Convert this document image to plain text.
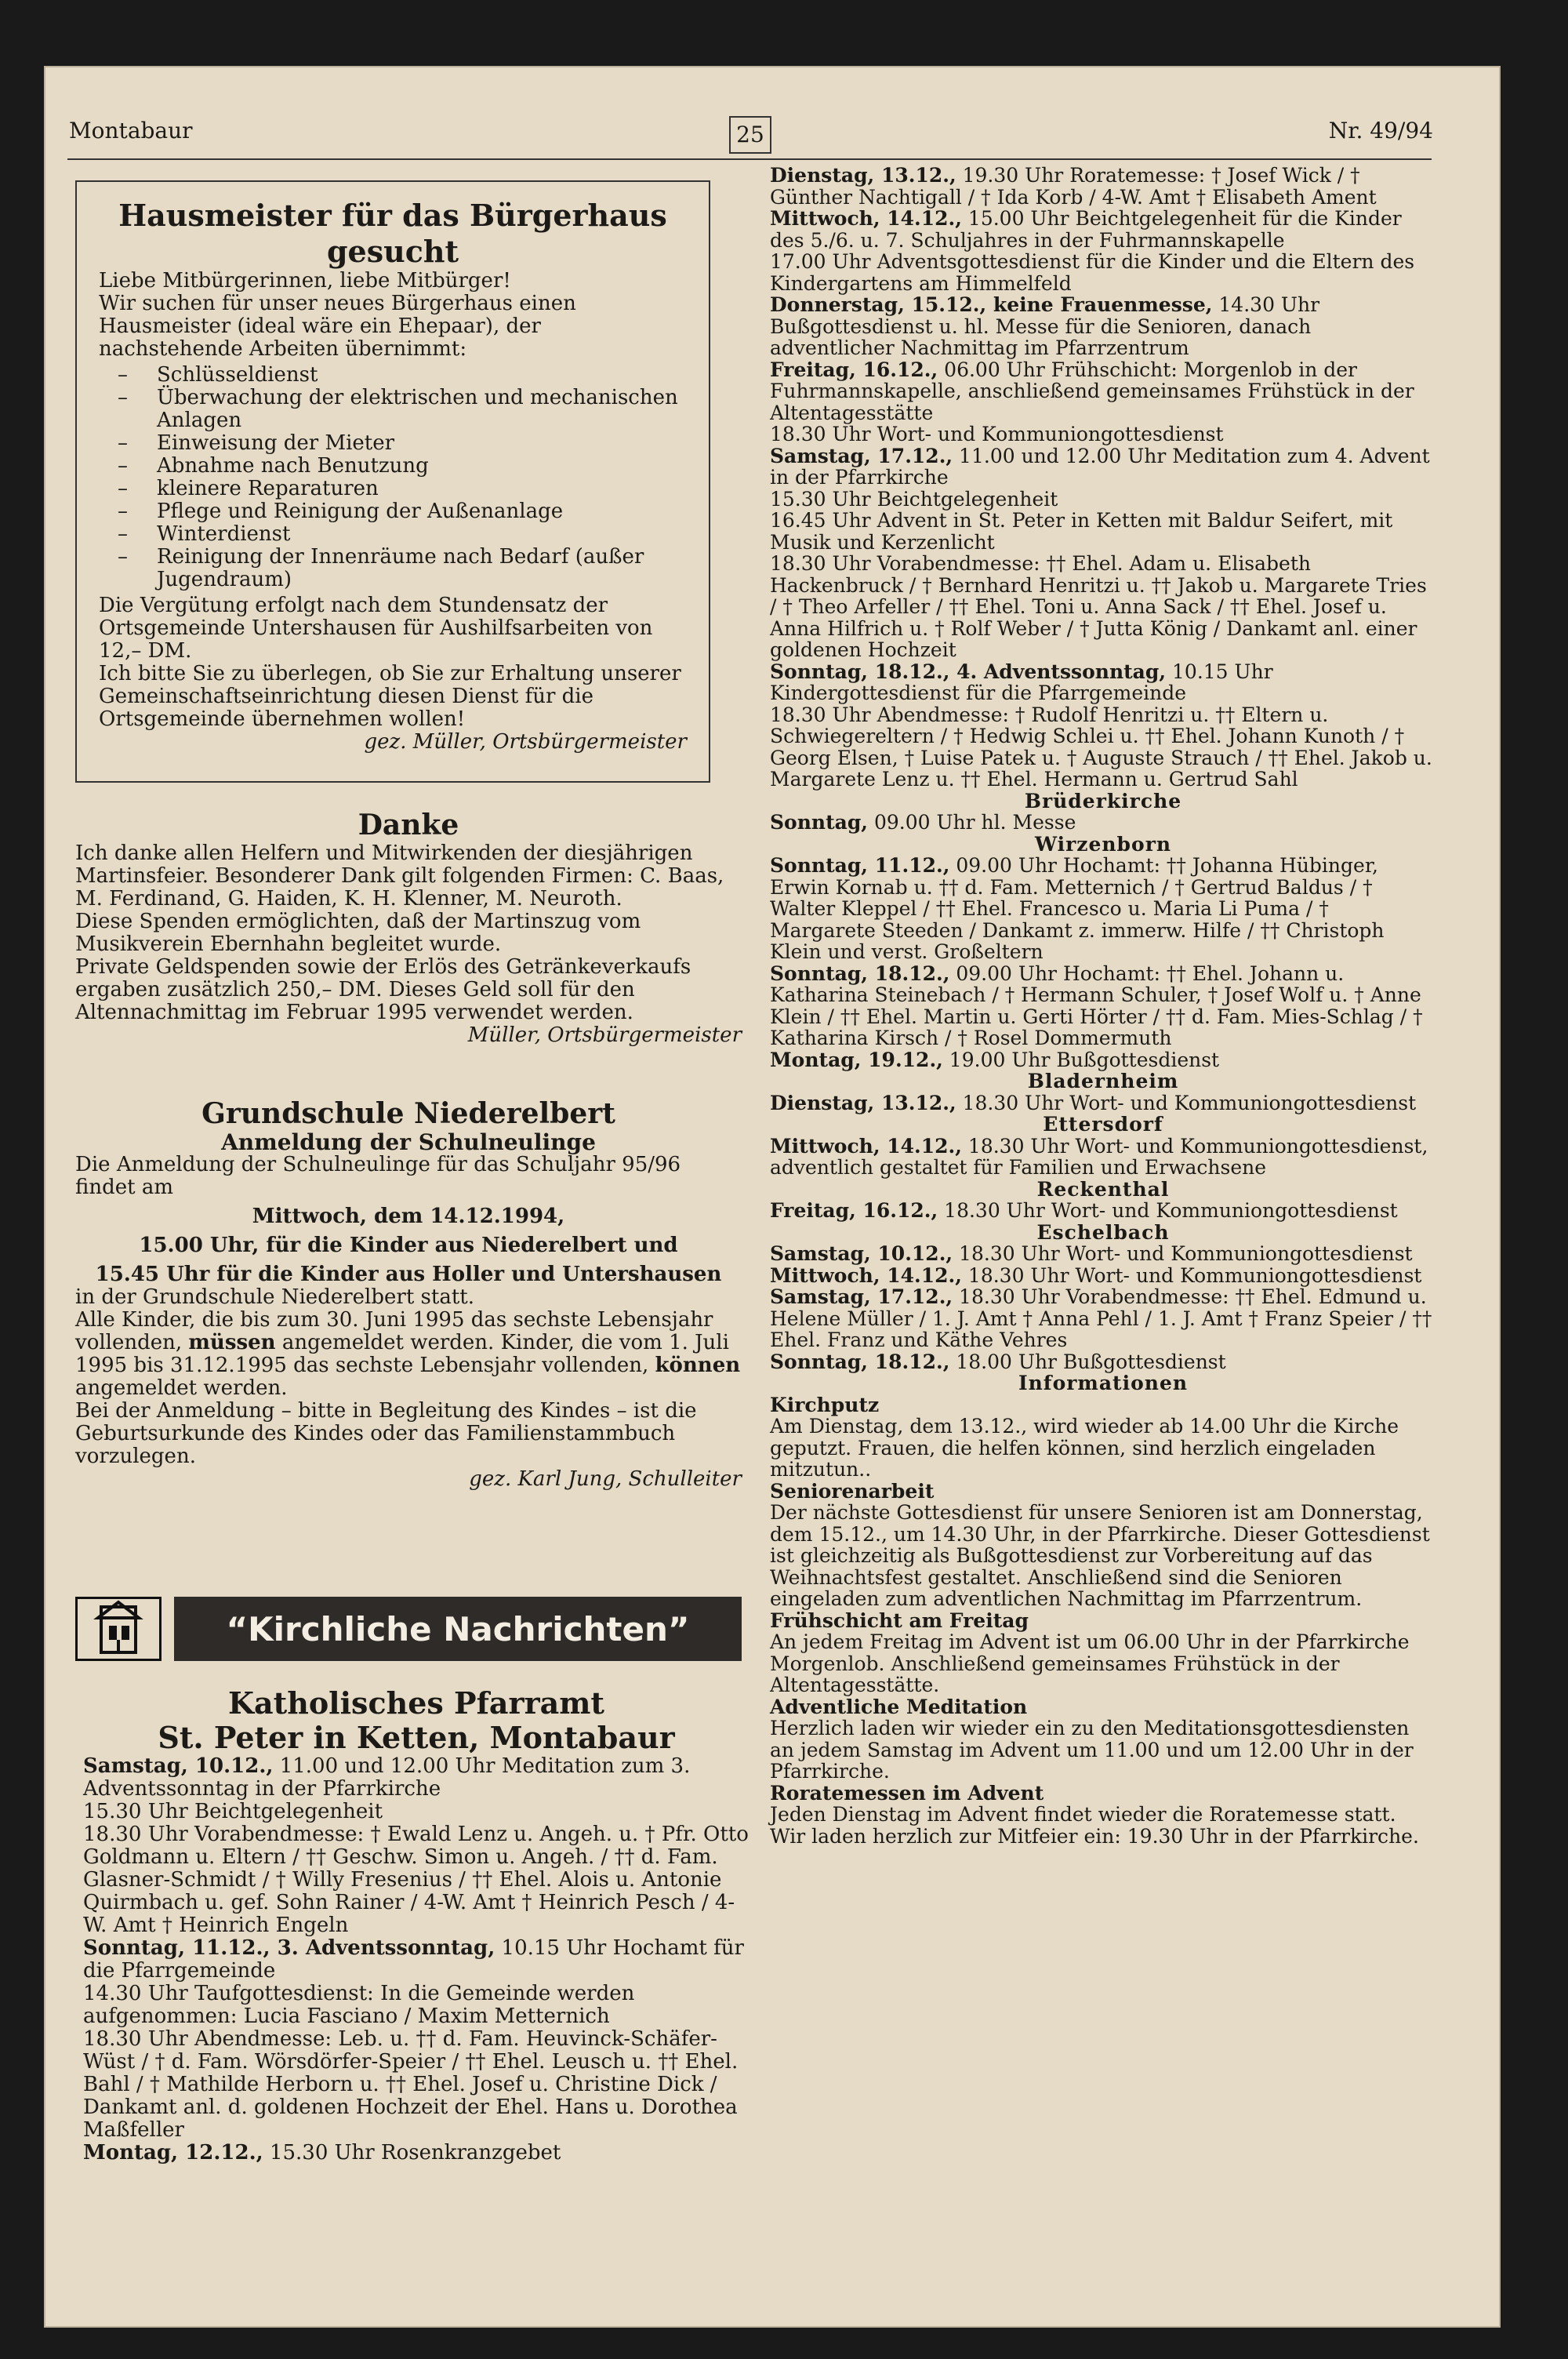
Montabaur	25	Nr. 49/94

Hausmeister für das Bürgerhaus gesucht

Liebe Mitbürgerinnen, liebe Mitbürger!

Wir suchen für unser neues Bürgerhaus einen Hausmeister (ideal wäre ein Ehepaar), der nachstehende Arbeiten übernimmt:

– Schlüsseldienst
– Überwachung der elektrischen und mechanischen Anlagen
– Einweisung der Mieter
– Abnahme nach Benutzung
– kleinere Reparaturen
– Pflege und Reinigung der Außenanlage
– Winterdienst
– Reinigung der Innenräume nach Bedarf (außer Jugendraum)

Die Vergütung erfolgt nach dem Stundensatz der Ortsgemeinde Untershausen für Aushilfsarbeiten von 12,– DM.

Ich bitte Sie zu überlegen, ob Sie zur Erhaltung unserer Gemeinschaftseinrichtung diesen Dienst für die Ortsgemeinde übernehmen wollen!

gez. Müller, Ortsbürgermeister

Danke

Ich danke allen Helfern und Mitwirkenden der diesjährigen Martinsfeier. Besonderer Dank gilt folgenden Firmen: C. Baas, M. Ferdinand, G. Haiden, K. H. Klenner, M. Neuroth.

Diese Spenden ermöglichten, daß der Martinszug vom Musikverein Ebernhahn begleitet wurde.

Private Geldspenden sowie der Erlös des Getränkeverkaufs ergaben zusätzlich 250,– DM. Dieses Geld soll für den Altennachmittag im Februar 1995 verwendet werden.

Müller, Ortsbürgermeister

Grundschule Niederelbert

Anmeldung der Schulneulinge

Die Anmeldung der Schulneulinge für das Schuljahr 95/96 findet am

Mittwoch, dem 14.12.1994,

15.00 Uhr, für die Kinder aus Niederelbert und

15.45 Uhr für die Kinder aus Holler und Untershausen

in der Grundschule Niederelbert statt.

Alle Kinder, die bis zum 30. Juni 1995 das sechste Lebensjahr vollenden, müssen angemeldet werden. Kinder, die vom 1. Juli 1995 bis 31.12.1995 das sechste Lebensjahr vollenden, können angemeldet werden.

Bei der Anmeldung – bitte in Begleitung des Kindes – ist die Geburtsurkunde des Kindes oder das Familienstammbuch vorzulegen.

gez. Karl Jung, Schulleiter

“Kirchliche Nachrichten”

Katholisches Pfarramt

St. Peter in Ketten, Montabaur

Samstag, 10.12., 11.00 und 12.00 Uhr Meditation zum 3. Adventssonntag in der Pfarrkirche

15.30 Uhr Beichtgelegenheit

18.30 Uhr Vorabendmesse: † Ewald Lenz u. Angeh. u. † Pfr. Otto Goldmann u. Eltern / †† Geschw. Simon u. Angeh. / †† d. Fam. Glasner-Schmidt / † Willy Fresenius / †† Ehel. Alois u. Antonie Quirmbach u. gef. Sohn Rainer / 4-W. Amt † Heinrich Pesch / 4-W. Amt † Heinrich Engeln

Sonntag, 11.12., 3. Adventssonntag, 10.15 Uhr Hochamt für die Pfarrgemeinde

14.30 Uhr Taufgottesdienst: In die Gemeinde werden aufgenommen: Lucia Fasciano / Maxim Metternich

18.30 Uhr Abendmesse: Leb. u. †† d. Fam. Heuvinck-Schäfer-Wüst / † d. Fam. Wörsdörfer-Speier / †† Ehel. Leusch u. †† Ehel. Bahl / † Mathilde Herborn u. †† Ehel. Josef u. Christine Dick / Dankamt anl. d. goldenen Hochzeit der Ehel. Hans u. Dorothea Maßfeller

Montag, 12.12., 15.30 Uhr Rosenkranzgebet

Dienstag, 13.12., 19.30 Uhr Roratemesse: † Josef Wick / † Günther Nachtigall / † Ida Korb / 4-W. Amt † Elisabeth Ament

Mittwoch, 14.12., 15.00 Uhr Beichtgelegenheit für die Kinder des 5./6. u. 7. Schuljahres in der Fuhrmannskapelle

17.00 Uhr Adventsgottesdienst für die Kinder und die Eltern des Kindergartens am Himmelfeld

Donnerstag, 15.12., keine Frauenmesse, 14.30 Uhr Bußgottesdienst u. hl. Messe für die Senioren, danach adventlicher Nachmittag im Pfarrzentrum

Freitag, 16.12., 06.00 Uhr Frühschicht: Morgenlob in der Fuhrmannskapelle, anschließend gemeinsames Frühstück in der Altentagesstätte

18.30 Uhr Wort- und Kommuniongottesdienst

Samstag, 17.12., 11.00 und 12.00 Uhr Meditation zum 4. Advent in der Pfarrkirche

15.30 Uhr Beichtgelegenheit

16.45 Uhr Advent in St. Peter in Ketten mit Baldur Seifert, mit Musik und Kerzenlicht

18.30 Uhr Vorabendmesse: †† Ehel. Adam u. Elisabeth Hackenbruck / † Bernhard Henritzi u. †† Jakob u. Margarete Tries / † Theo Arfeller / †† Ehel. Toni u. Anna Sack / †† Ehel. Josef u. Anna Hilfrich u. † Rolf Weber / † Jutta König / Dankamt anl. einer goldenen Hochzeit

Sonntag, 18.12., 4. Adventssonntag, 10.15 Uhr Kindergottesdienst für die Pfarrgemeinde

18.30 Uhr Abendmesse: † Rudolf Henritzi u. †† Eltern u. Schwiegereltern / † Hedwig Schlei u. †† Ehel. Johann Kunoth / † Georg Elsen, † Luise Patek u. † Auguste Strauch / †† Ehel. Jakob u. Margarete Lenz u. †† Ehel. Hermann u. Gertrud Sahl

Brüderkirche

Sonntag, 09.00 Uhr hl. Messe

Wirzenborn

Sonntag, 11.12., 09.00 Uhr Hochamt: †† Johanna Hübinger, Erwin Kornab u. †† d. Fam. Metternich / † Gertrud Baldus / † Walter Kleppel / †† Ehel. Francesco u. Maria Li Puma / † Margarete Steeden / Dankamt z. immerw. Hilfe / †† Christoph Klein und verst. Großeltern

Sonntag, 18.12., 09.00 Uhr Hochamt: †† Ehel. Johann u. Katharina Steinebach / † Hermann Schuler, † Josef Wolf u. † Anne Klein / †† Ehel. Martin u. Gerti Hörter / †† d. Fam. Mies-Schlag / † Katharina Kirsch / † Rosel Dommermuth

Montag, 19.12., 19.00 Uhr Bußgottesdienst

Bladernheim

Dienstag, 13.12., 18.30 Uhr Wort- und Kommuniongottesdienst

Ettersdorf

Mittwoch, 14.12., 18.30 Uhr Wort- und Kommuniongottesdienst, adventlich gestaltet für Familien und Erwachsene

Reckenthal

Freitag, 16.12., 18.30 Uhr Wort- und Kommuniongottesdienst

Eschelbach

Samstag, 10.12., 18.30 Uhr Wort- und Kommuniongottesdienst

Mittwoch, 14.12., 18.30 Uhr Wort- und Kommuniongottesdienst

Samstag, 17.12., 18.30 Uhr Vorabendmesse: †† Ehel. Edmund u. Helene Müller / 1. J. Amt † Anna Pehl / 1. J. Amt † Franz Speier / †† Ehel. Franz und Käthe Vehres

Sonntag, 18.12., 18.00 Uhr Bußgottesdienst

Informationen

Kirchputz

Am Dienstag, dem 13.12., wird wieder ab 14.00 Uhr die Kirche geputzt. Frauen, die helfen können, sind herzlich eingeladen mitzutun..

Seniorenarbeit

Der nächste Gottesdienst für unsere Senioren ist am Donnerstag, dem 15.12., um 14.30 Uhr, in der Pfarrkirche. Dieser Gottesdienst ist gleichzeitig als Bußgottesdienst zur Vorbereitung auf das Weihnachtsfest gestaltet. Anschließend sind die Senioren eingeladen zum adventlichen Nachmittag im Pfarrzentrum.

Frühschicht am Freitag

An jedem Freitag im Advent ist um 06.00 Uhr in der Pfarrkirche Morgenlob. Anschließend gemeinsames Frühstück in der Altentagesstätte.

Adventliche Meditation

Herzlich laden wir wieder ein zu den Meditationsgottesdiensten an jedem Samstag im Advent um 11.00 und um 12.00 Uhr in der Pfarrkirche.

Roratemessen im Advent

Jeden Dienstag im Advent findet wieder die Roratemesse statt. Wir laden herzlich zur Mitfeier ein: 19.30 Uhr in der Pfarrkirche.
